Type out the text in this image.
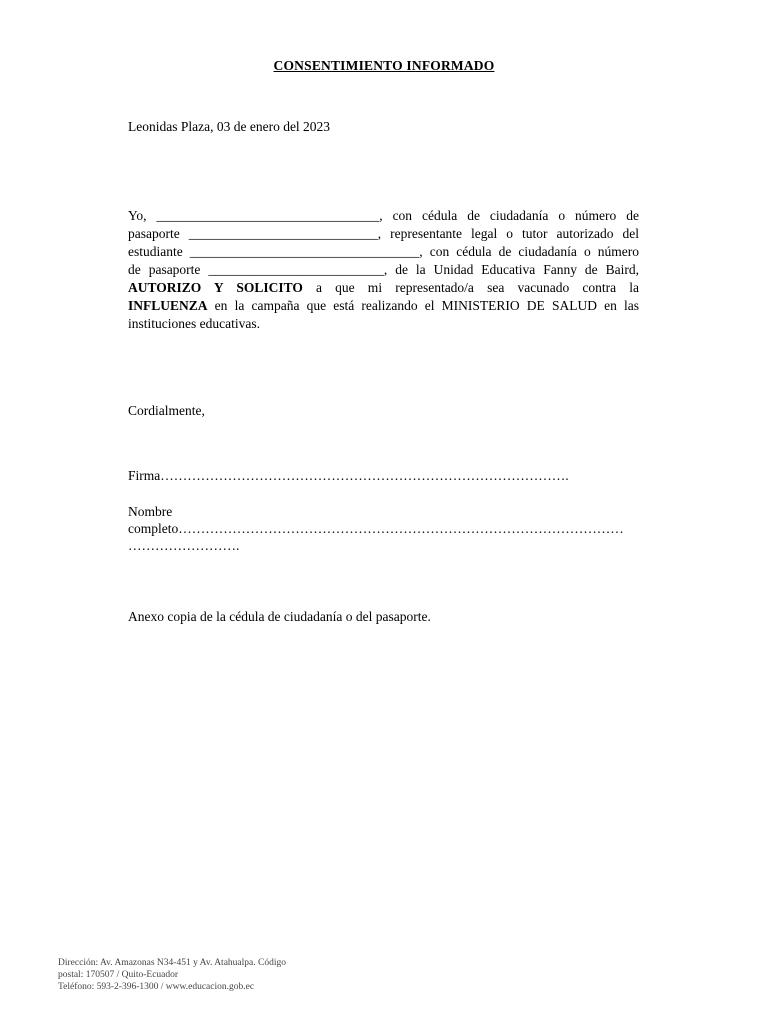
CONSENTIMIENTO INFORMADO
Leonidas Plaza, 03 de enero del 2023
Yo, _________________________________, con cédula de ciudadanía o número de
pasaporte ____________________________, representante legal o tutor autorizado del
estudiante __________________________________, con cédula de ciudadanía o número
de pasaporte __________________________, de la Unidad Educativa Fanny de Baird,
AUTORIZO Y SOLICITO a que mi representado/a sea vacunado contra la
INFLUENZA en la campaña que está realizando el MINISTERIO DE SALUD en las
instituciones educativas.
Cordialmente,
Firma……………………………………………………………………………….
Nombre
completo………………………………………………………………………………………
…………………….
Anexo copia de la cédula de ciudadanía o del pasaporte.
Dirección: Av. Amazonas N34-451 y Av. Atahualpa. Código
postal: 170507 / Quito-Ecuador
Teléfono: 593-2-396-1300 / www.educacion.gob.ec
